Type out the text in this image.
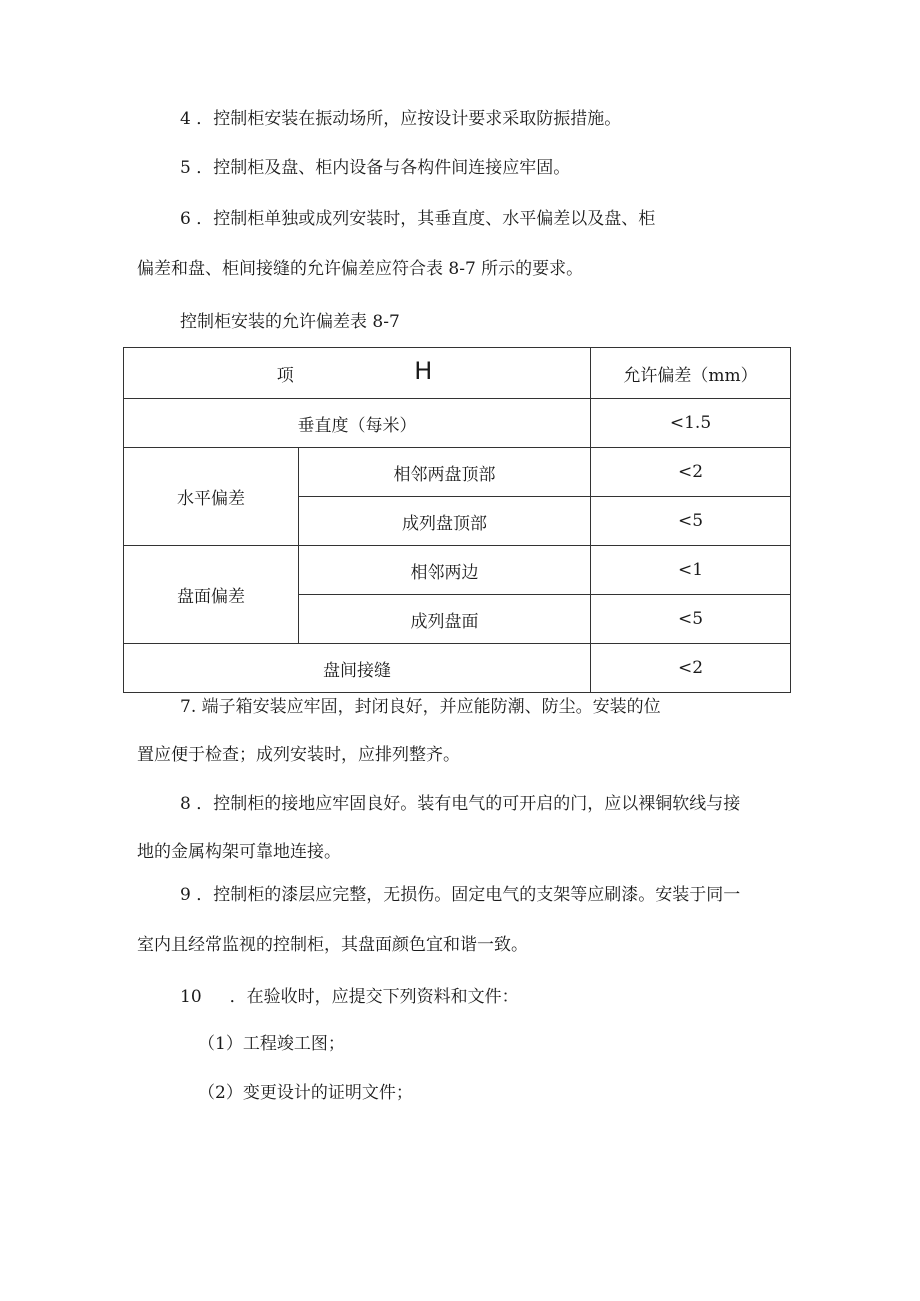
4 ．控制柜安装在振动场所，应按设计要求采取防振措施。
5 ．控制柜及盘、柜内设备与各构件间连接应牢固。
6 ．控制柜单独或成列安装时，其垂直度、水平偏差以及盘、柜
偏差和盘、柜间接缝的允许偏差应符合表 8-7 所示的要求。
控制柜安装的允许偏差表 8-7
项 H		允许偏差（mm）
垂直度（每米）		<1.5
水平偏差	相邻两盘顶部	<2
	成列盘顶部	<5
盘面偏差	相邻两边	<1
	成列盘面	<5
盘间接缝		<2
7. 端子箱安装应牢固，封闭良好，并应能防潮、防尘。安装的位
置应便于检查；成列安装时，应排列整齐。
8 ．控制柜的接地应牢固良好。装有电气的可开启的门，应以裸铜软线与接
地的金属构架可靠地连接。
9 ．控制柜的漆层应完整，无损伤。固定电气的支架等应刷漆。安装于同一
室内且经常监视的控制柜，其盘面颜色宜和谐一致。
10 ．在验收时，应提交下列资料和文件：
（1）工程竣工图；
（2）变更设计的证明文件；
